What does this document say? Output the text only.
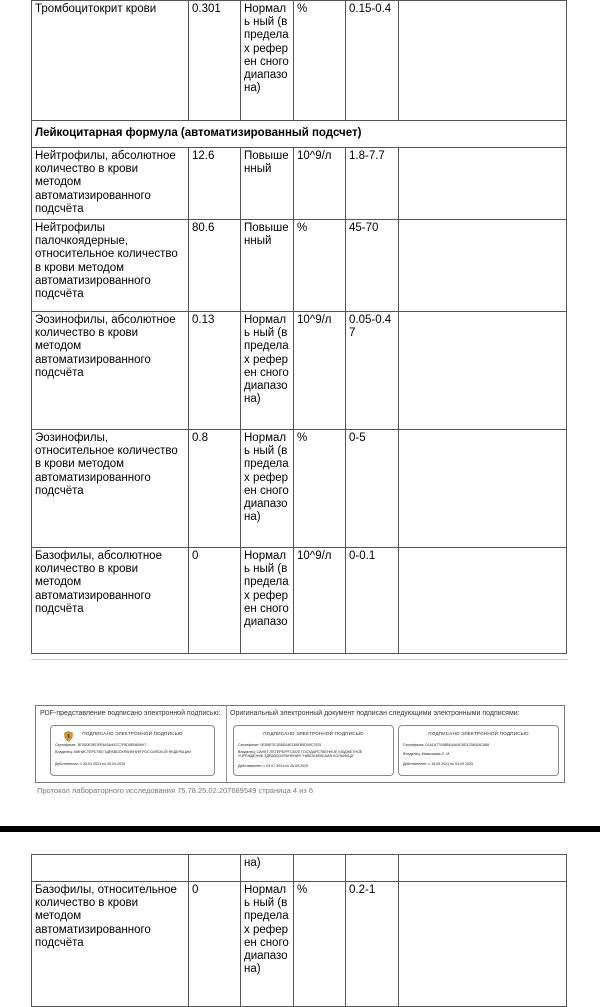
Тромбоцитокрит крови	0.301	Нормаль ный (в предела х референ сного диапазо на)	%	0.15-0.4	
Лейкоцитарная формула (автоматизированный подсчет)					
Нейтрофилы, абсолютное количество в крови методом автоматизированного подсчёта	12.6	Повыше нный	10^9/л	1.8-7.7	
Нейтрофилы палочкоядерные, относительное количество в крови методом автоматизированного подсчёта	80.6	Повыше нный	%	45-70	
Эозинофилы, абсолютное количество в крови методом автоматизированного подсчёта	0.13	Нормаль ный (в предела х референ сного диапазо на)	10^9/л	0.05-0.47	
Эозинофилы, относительное количество в крови методом автоматизированного подсчёта	0.8	Нормаль ный (в предела х референ сного диапазо на)	%	0-5	
Базофилы, абсолютное количество в крови методом автоматизированного подсчёта	0	Нормаль ный (в предела х референ сного диапазо	10^9/л	0-0.1	
PDF-представление подписано электронной подписью: Оригинальный электронный документ подписан следующими электронными подписями:
ПОДПИСАНО ЭЛЕКТРОННОЙ ПОДПИСЬЮ
Сертификат: 3E0D0E0EDFE4A0A4A7C7F8D6EB69A97
Владелец: МИНИСТЕРСТВО ЗДРАВООХРАНЕНИЯ РОССИЙСКОЙ ФЕДЕРАЦИИ
Действителен: с 25.01.2024 по 20.04.2025
ПОДПИСАНО ЭЛЕКТРОННОЙ ПОДПИСЬЮ
Сертификат: 0ED8E3C1B5D04E1891B5D09C7025
Владелец: САНКТ-ПЕТЕРБУРГСКОЕ ГОСУДАРСТВЕННОЕ БЮДЖЕТНОЕ УЧРЕЖДЕНИЕ ЗДРАВООХРАНЕНИЯ "НИКОЛАЕВСКАЯ БОЛЬНИЦА"
Действителен: с 03.07.2024 по 26.09.2025
ПОДПИСАНО ЭЛЕКТРОННОЙ ПОДПИСЬЮ
Сертификат: 01A1A77048B4A4A9C8D1238918C888
Владелец: Мамышева О. М.
Действителен: с 18.09.2024 по 03.09.2025
Протокол лабораторного исследования 75.78.25.02.207689549 страница 4 из 6
		на)			
Базофилы, относительное количество в крови методом автоматизированного подсчёта	0	Нормаль ный (в предела х референ сного диапазо на)	%	0.2-1	
